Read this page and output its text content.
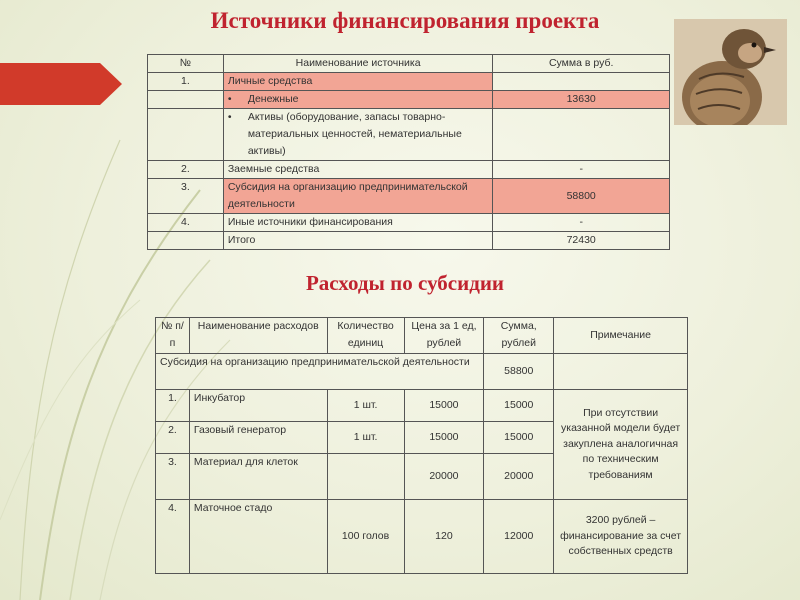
Источники финансирования проекта
№	Наименование источника	Сумма в руб.
1.	Личные средства	
	• Денежные	13630

	• Активы (оборудование, запасы товарно-материальных ценностей, нематериальные активы)	

2.	Заемные средства	-
3.	Субсидия на организацию предпринимательской деятельности	58800
4.	Иные источники финансирования	-
	Итого	72430
Расходы по субсидии
№ п/п	Наименование расходов	Количество единиц	Цена за 1 ед, рублей	Сумма, рублей	Примечание
Субсидия на организацию предпринимательской деятельности				58800	
1.	Инкубатор	1 шт.	15000	15000	При отсутствии указанной модели будет закуплена аналогичная по техническим требованиям
2.	Газовый генератор	1 шт.	15000	15000	
3.	Материал для клеток		20000	20000	
4.	Маточное стадо	100 голов	120	12000	3200 рублей – финансирование за счет собственных средств
